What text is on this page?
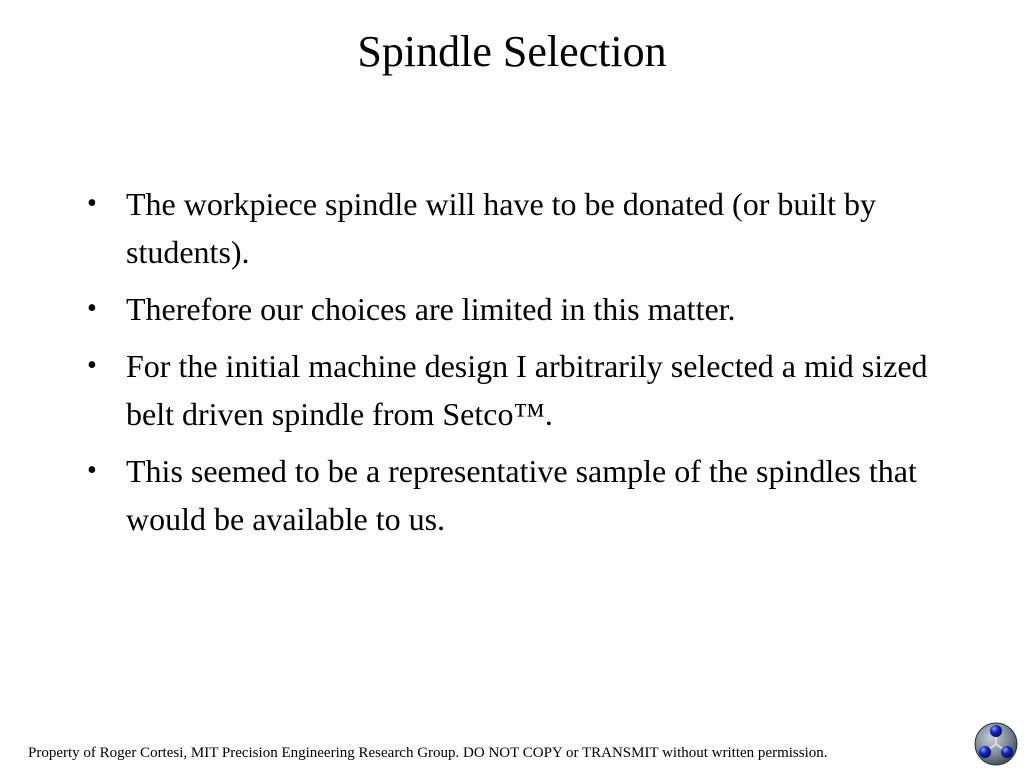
Spindle Selection
• The workpiece spindle will have to be donated (or built by students).
• Therefore our choices are limited in this matter.
• For the initial machine design I arbitrarily selected a mid sized belt driven spindle from Setco™.
• This seemed to be a representative sample of the spindles that would be available to us.
Property of Roger Cortesi, MIT Precision Engineering Research Group. DO NOT COPY or TRANSMIT without written permission.
